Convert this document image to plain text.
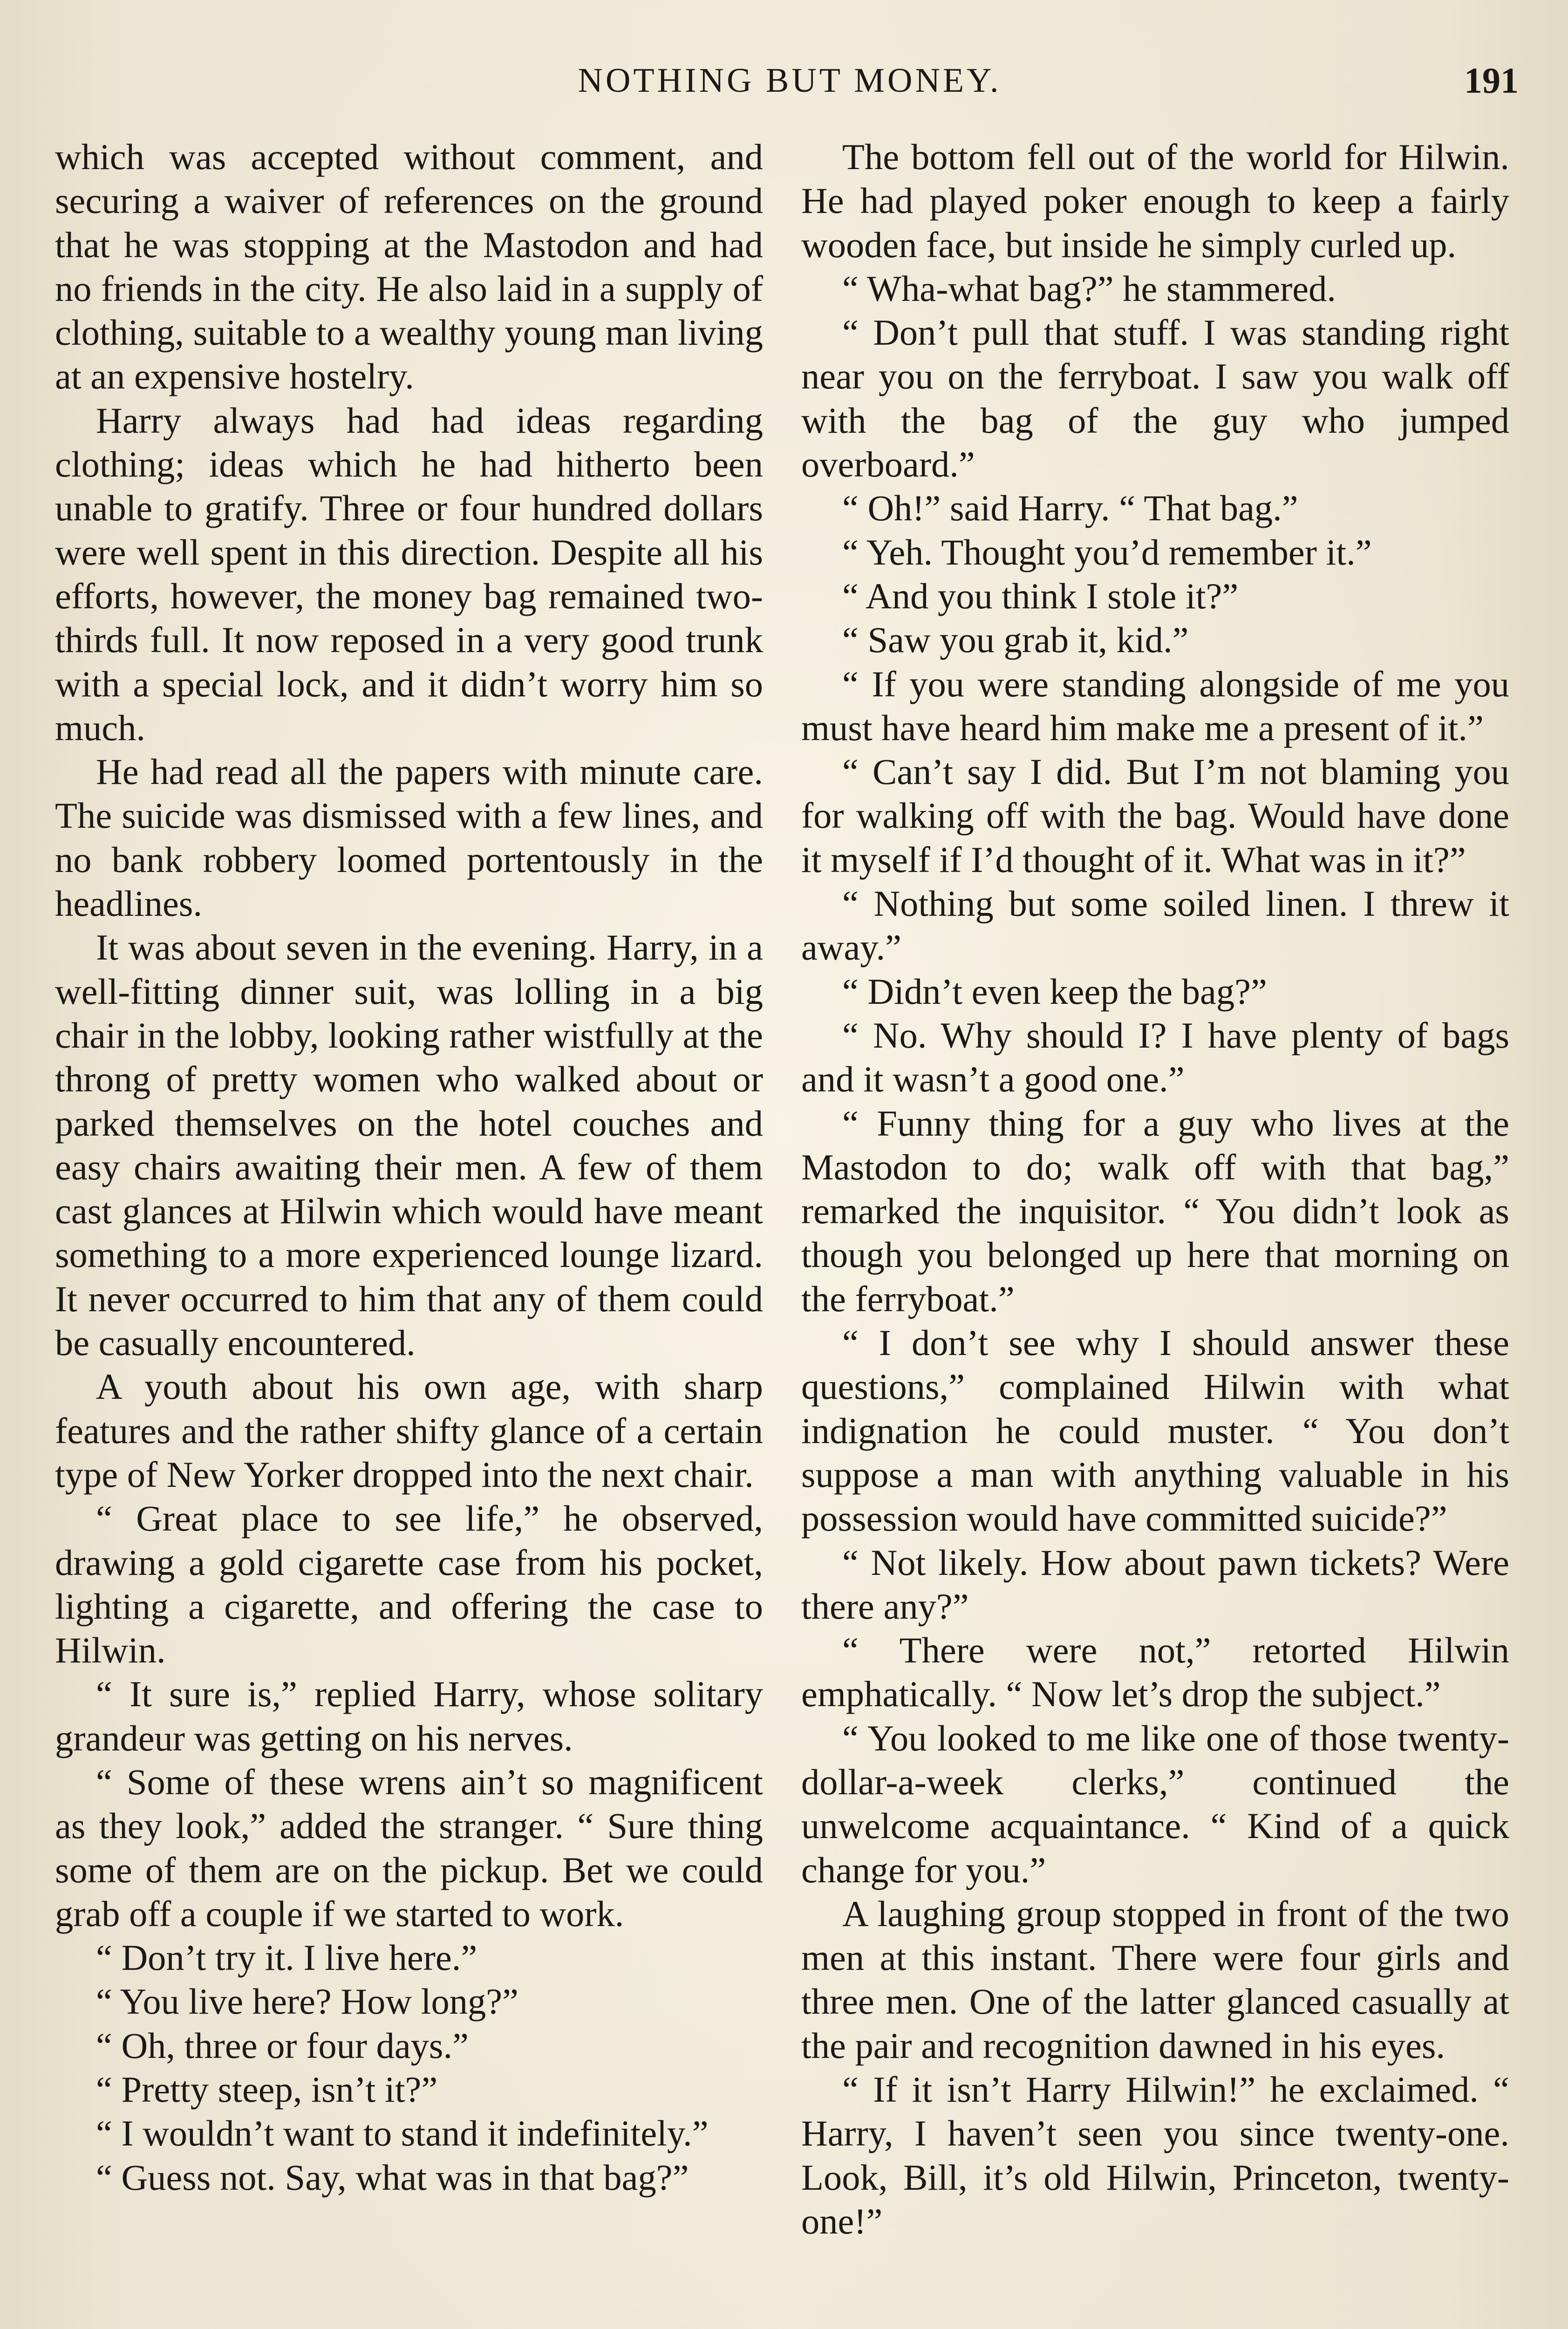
NOTHING BUT MONEY.	191

which was accepted without comment, and securing a waiver of references on the ground that he was stopping at the Mastodon and had no friends in the city. He also laid in a supply of clothing, suitable to a wealthy young man living at an expensive hostelry.

Harry always had had ideas regarding clothing; ideas which he had hitherto been unable to gratify. Three or four hundred dollars were well spent in this direction. Despite all his efforts, however, the money bag remained two-thirds full. It now reposed in a very good trunk with a special lock, and it didn’t worry him so much.

He had read all the papers with minute care. The suicide was dismissed with a few lines, and no bank robbery loomed portentously in the headlines.

It was about seven in the evening. Harry, in a well-fitting dinner suit, was lolling in a big chair in the lobby, looking rather wistfully at the throng of pretty women who walked about or parked themselves on the hotel couches and easy chairs awaiting their men. A few of them cast glances at Hilwin which would have meant something to a more experienced lounge lizard. It never occurred to him that any of them could be casually encountered.

A youth about his own age, with sharp features and the rather shifty glance of a certain type of New Yorker dropped into the next chair.

“ Great place to see life,” he observed, drawing a gold cigarette case from his pocket, lighting a cigarette, and offering the case to Hilwin.

“ It sure is,” replied Harry, whose solitary grandeur was getting on his nerves.

“ Some of these wrens ain’t so magnificent as they look,” added the stranger. “ Sure thing some of them are on the pickup. Bet we could grab off a couple if we started to work.

“ Don’t try it. I live here.”

“ You live here? How long?”

“ Oh, three or four days.”

“ Pretty steep, isn’t it?”

“ I wouldn’t want to stand it indefinitely.”

“ Guess not. Say, what was in that bag?”

The bottom fell out of the world for Hilwin. He had played poker enough to keep a fairly wooden face, but inside he simply curled up.

“ Wha-what bag?” he stammered.

“ Don’t pull that stuff. I was standing right near you on the ferryboat. I saw you walk off with the bag of the guy who jumped overboard.”

“ Oh!” said Harry. “ That bag.”

“ Yeh. Thought you’d remember it.”

“ And you think I stole it?”

“ Saw you grab it, kid.”

“ If you were standing alongside of me you must have heard him make me a present of it.”

“ Can’t say I did. But I’m not blaming you for walking off with the bag. Would have done it myself if I’d thought of it. What was in it?”

“ Nothing but some soiled linen. I threw it away.”

“ Didn’t even keep the bag?”

“ No. Why should I? I have plenty of bags and it wasn’t a good one.”

“ Funny thing for a guy who lives at the Mastodon to do; walk off with that bag,” remarked the inquisitor. “ You didn’t look as though you belonged up here that morning on the ferryboat.”

“ I don’t see why I should answer these questions,” complained Hilwin with what indignation he could muster. “ You don’t suppose a man with anything valuable in his possession would have committed suicide?”

“ Not likely. How about pawn tickets? Were there any?”

“ There were not,” retorted Hilwin emphatically. “ Now let’s drop the subject.”

“ You looked to me like one of those twenty-dollar-a-week clerks,” continued the unwelcome acquaintance. “ Kind of a quick change for you.”

A laughing group stopped in front of the two men at this instant. There were four girls and three men. One of the latter glanced casually at the pair and recognition dawned in his eyes.

“ If it isn’t Harry Hilwin!” he exclaimed. “ Harry, I haven’t seen you since twenty-one. Look, Bill, it’s old Hilwin, Princeton, twenty-one!”
